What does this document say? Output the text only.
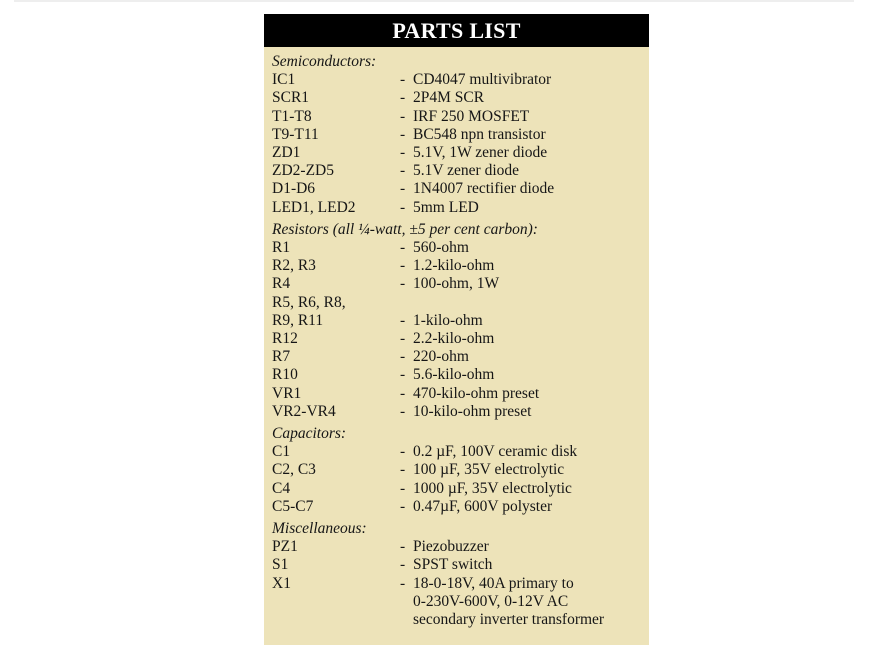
PARTS LIST
Semiconductors:
IC1	- CD4047 multivibrator
SCR1	- 2P4M SCR
T1-T8	- IRF 250 MOSFET
T9-T11	- BC548 npn transistor
ZD1	- 5.1V, 1W zener diode
ZD2-ZD5	- 5.1V zener diode
D1-D6	- 1N4007 rectifier diode
LED1, LED2	- 5mm LED
Resistors (all ¼-watt, ±5 per cent carbon):
R1	- 560-ohm
R2, R3	- 1.2-kilo-ohm
R4	- 100-ohm, 1W
R5, R6, R8,
R9, R11	- 1-kilo-ohm
R12	- 2.2-kilo-ohm
R7	- 220-ohm
R10	- 5.6-kilo-ohm
VR1	- 470-kilo-ohm preset
VR2-VR4	- 10-kilo-ohm preset
Capacitors:
C1	- 0.2 µF, 100V ceramic disk
C2, C3	- 100 µF, 35V electrolytic
C4	- 1000 µF, 35V electrolytic
C5-C7	- 0.47µF, 600V polyster
Miscellaneous:
PZ1	- Piezobuzzer
S1	- SPST switch
X1	- 18-0-18V, 40A primary to
0-230V-600V, 0-12V AC
secondary inverter transformer
